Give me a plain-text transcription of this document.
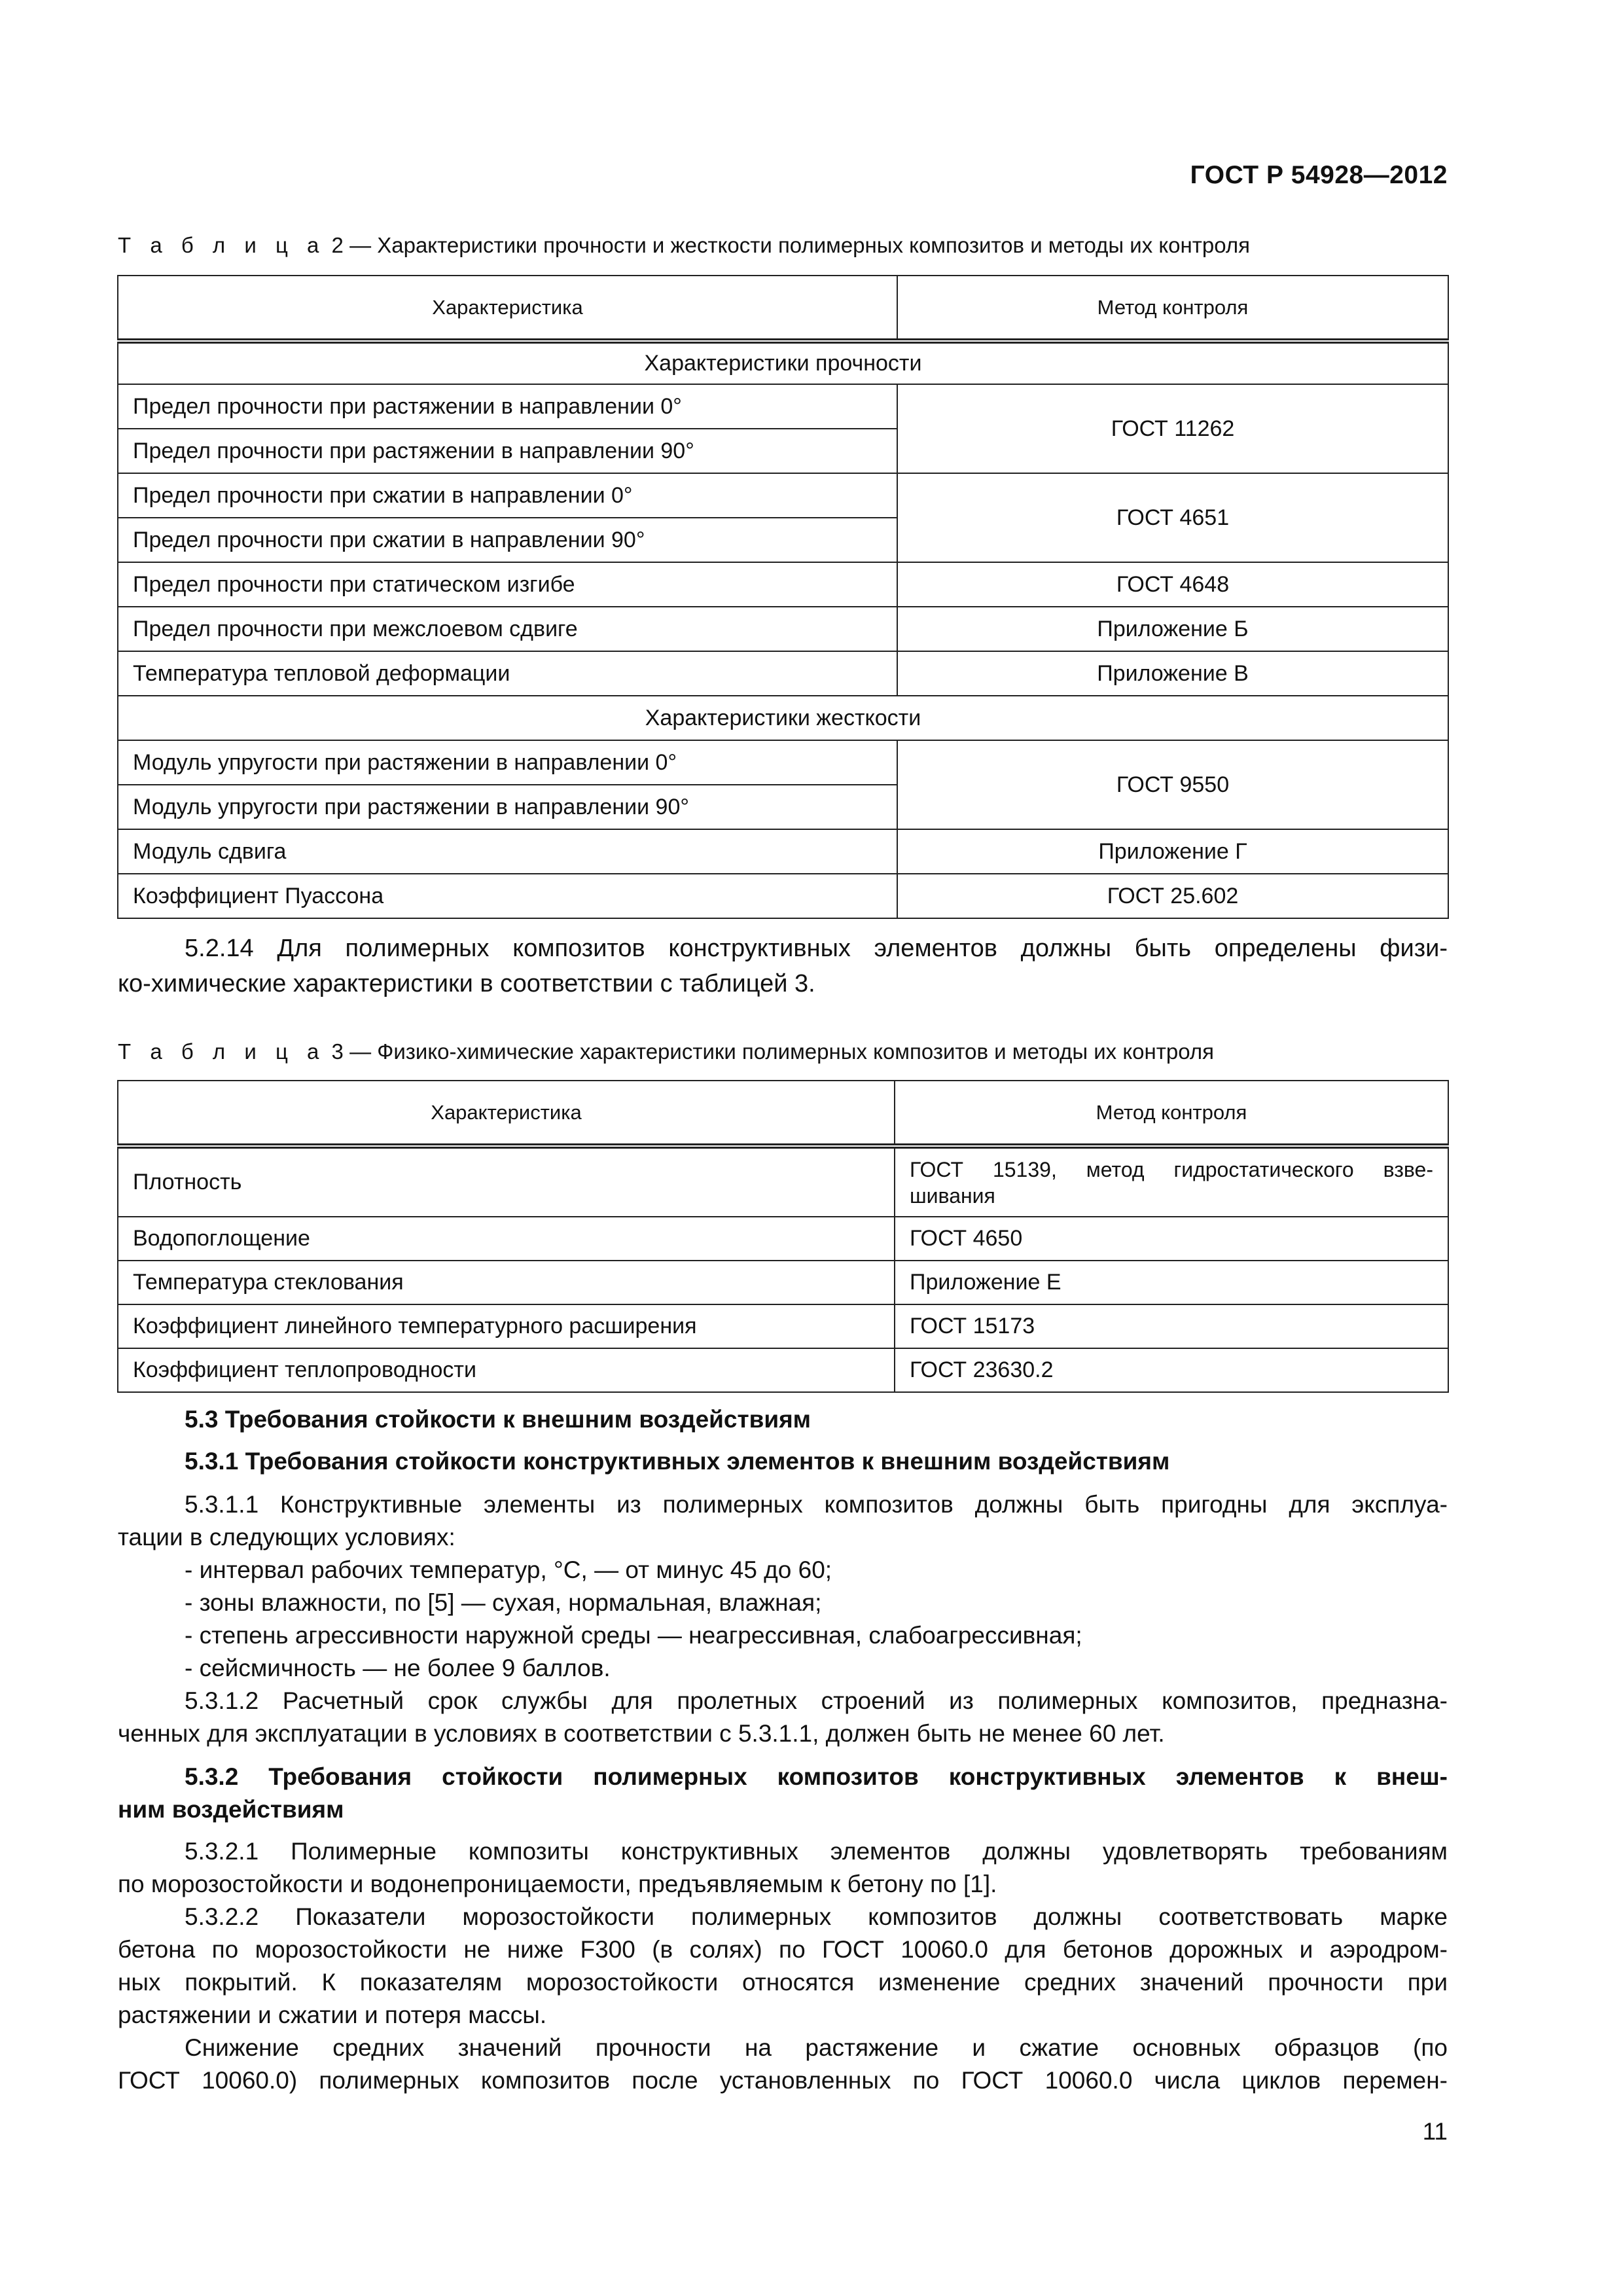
ГОСТ Р 54928—2012
Т а б л и ц а 2 — Характеристики прочности и жесткости полимерных композитов и методы их контроля
Характеристика	Метод контроля
Характеристики прочности	
Предел прочности при растяжении в направлении 0°	ГОСТ 11262
Предел прочности при растяжении в направлении 90°	
Предел прочности при сжатии в направлении 0°	ГОСТ 4651
Предел прочности при сжатии в направлении 90°	
Предел прочности при статическом изгибе	ГОСТ 4648
Предел прочности при межслоевом сдвиге	Приложение Б
Температура тепловой деформации	Приложение В
Характеристики жесткости	
Модуль упругости при растяжении в направлении 0°	ГОСТ 9550
Модуль упругости при растяжении в направлении 90°	
Модуль сдвига	Приложение Г
Коэффициент Пуассона	ГОСТ 25.602
5.2.14 Для полимерных композитов конструктивных элементов должны быть определены физи-
ко-химические характеристики в соответствии с таблицей 3.
Т а б л и ц а 3 — Физико-химические характеристики полимерных композитов и методы их контроля
Характеристика	Метод контроля
Плотность	ГОСТ 15139, метод гидростатического взве-
шивания

Водопоглощение	ГОСТ 4650
Температура стеклования	Приложение Е
Коэффициент линейного температурного расширения	ГОСТ 15173
Коэффициент теплопроводности	ГОСТ 23630.2
5.3 Требования стойкости к внешним воздействиям
5.3.1 Требования стойкости конструктивных элементов к внешним воздействиям
5.3.1.1 Конструктивные элементы из полимерных композитов должны быть пригодны для эксплуа-
тации в следующих условиях:
- интервал рабочих температур, °С, — от минус 45 до 60;
- зоны влажности, по [5] — сухая, нормальная, влажная;
- степень агрессивности наружной среды — неагрессивная, слабоагрессивная;
- сейсмичность — не более 9 баллов.
5.3.1.2 Расчетный срок службы для пролетных строений из полимерных композитов, предназна-
ченных для эксплуатации в условиях в соответствии с 5.3.1.1, должен быть не менее 60 лет.
5.3.2 Требования стойкости полимерных композитов конструктивных элементов к внеш-
ним воздействиям
5.3.2.1 Полимерные композиты конструктивных элементов должны удовлетворять требованиям
по морозостойкости и водонепроницаемости, предъявляемым к бетону по [1].
5.3.2.2 Показатели морозостойкости полимерных композитов должны соответствовать марке
бетона по морозостойкости не ниже F300 (в солях) по ГОСТ 10060.0 для бетонов дорожных и аэродром-
ных покрытий. К показателям морозостойкости относятся изменение средних значений прочности при
растяжении и сжатии и потеря массы.
Снижение средних значений прочности на растяжение и сжатие основных образцов (по
ГОСТ 10060.0) полимерных композитов после установленных по ГОСТ 10060.0 числа циклов перемен-
11
